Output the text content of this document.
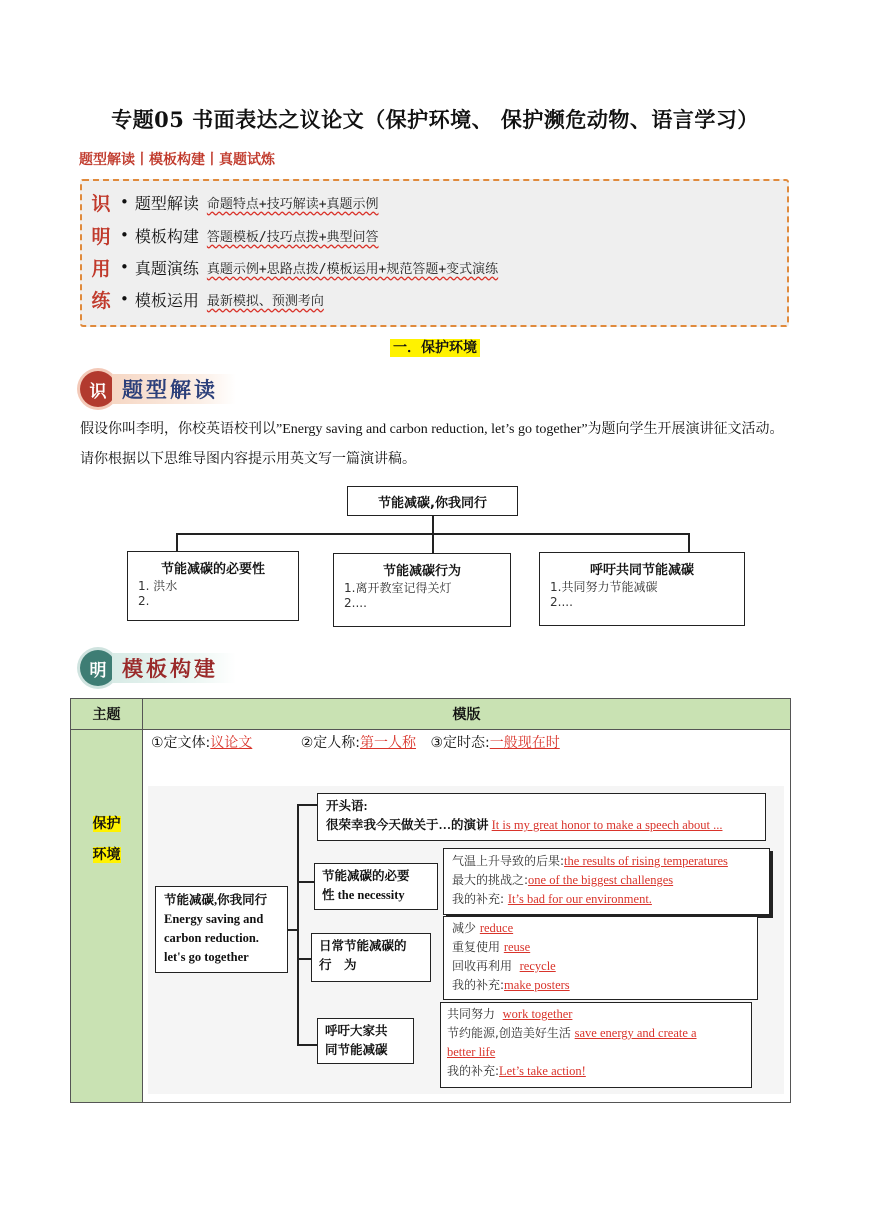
专题05 书面表达之议论文（保护环境、 保护濒危动物、语言学习）
题型解读丨模板构建丨真题试炼
识 • 题型解读 命题特点+技巧解读+真题示例
明 • 模板构建 答题模板/技巧点拨+典型问答
用 • 真题演练 真题示例+思路点拨/模板运用+规范答题+变式演练
练 • 模板运用 最新模拟、预测考向
一．保护环境
识 题型解读
假设你叫李明，你校英语校刊以”Energy saving and carbon reduction, let’s go together”为题向学生开展演讲征文活动。请你根据以下思维导图内容提示用英文写一篇演讲稿。
节能减碳,你我同行
节能减碳的必要性
1. 洪水
2.
节能减碳行为
1.离开教室记得关灯
2....
呼吁共同节能减碳
1.共同努力节能减碳
2....
明 模板构建
主题	模版

保护
环境	①定文体:议论文 ②定人称:第一人称 ③定时态:一般现在时
节能减碳,你我同行
Energy saving and
carbon reduction.
let's go together
开头语:
很荣幸我今天做关于…的演讲 It is my great honor to make a speech about ...
节能减碳的必要
性 the necessity
气温上升导致的后果:the results of rising temperatures
最大的挑战之:one of the biggest challenges
我的补充: It’s bad for our environment.
日常节能减碳的
行    为
减少 reduce
重复使用 reuse
回收再利用  recycle
我的补充:make posters
呼吁大家共
同节能减碳
共同努力  work together
节约能源,创造美好生活 save energy and create a
better life
我的补充:Let’s take action!
